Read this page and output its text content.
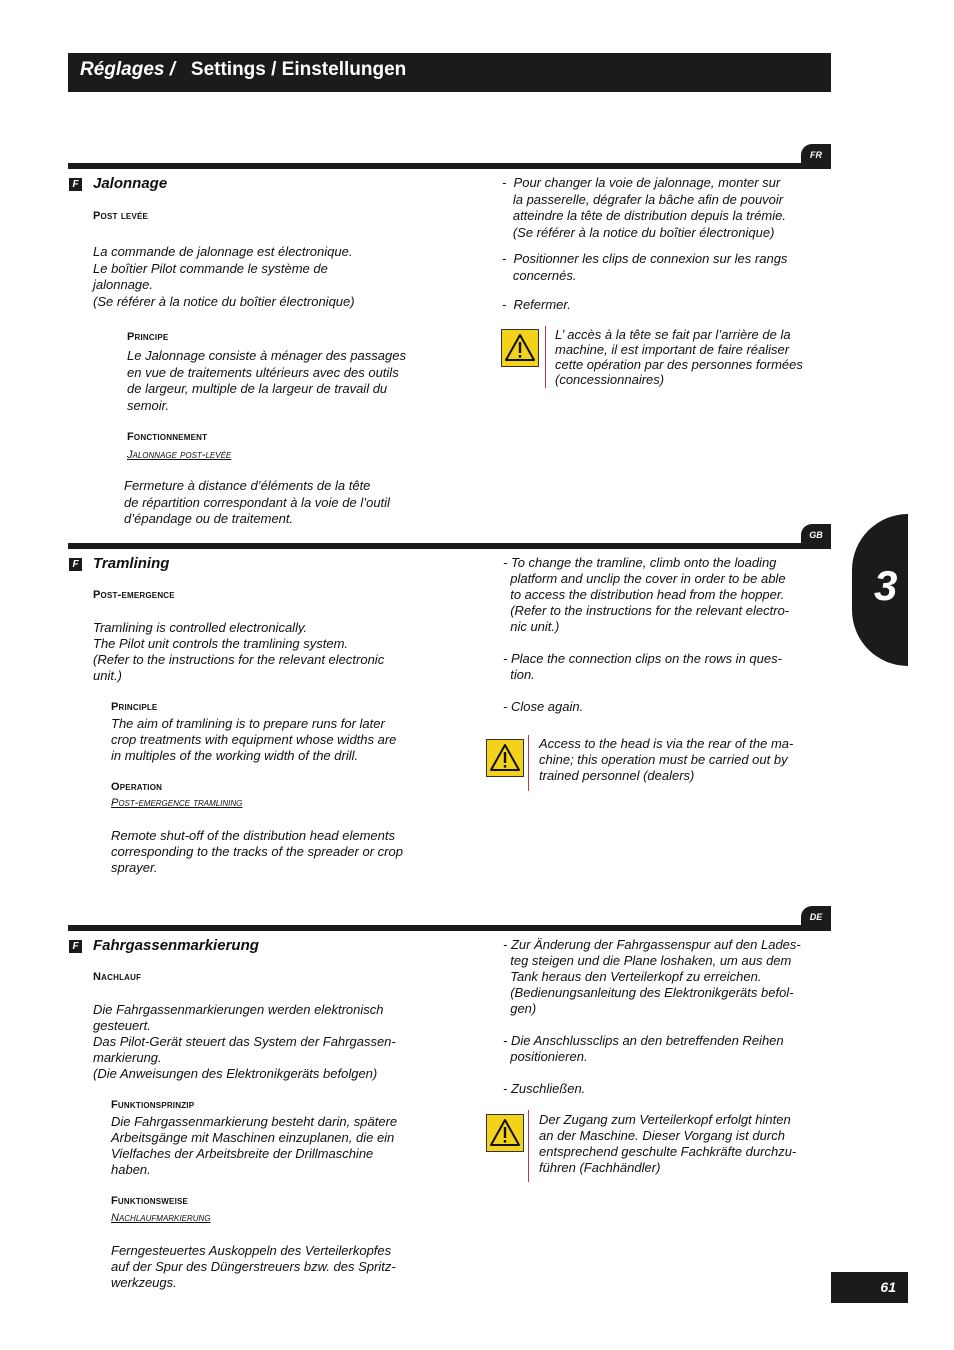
Réglages / Settings / Einstellungen
3
FR
F Jalonnage
Post levée
La commande de jalonnage est électronique.
Le boîtier Pilot commande le système de
jalonnage.
(Se référer à la notice du boîtier électronique)
Principe
Le Jalonnage consiste à ménager des passages
en vue de traitements ultérieurs avec des outils
de largeur, multiple de la largeur de travail du
semoir.
Fonctionnement
Jalonnage post-levée
Fermeture à distance d’éléments de la tête
de répartition correspondant à la voie de l’outil
d’épandage ou de traitement.
-  Pour changer la voie de jalonnage, monter sur
la passerelle, dégrafer la bâche afin de pouvoir
atteindre la tête de distribution depuis la trémie.
(Se référer à la notice du boîtier électronique)
-  Positionner les clips de connexion sur les rangs
concernés.
-  Refermer.
L’ accès à la tête se fait par l’arrière de la
machine, il est important de faire réaliser
cette opération par des personnes formées
(concessionnaires)
GB
F Tramlining
Post-emergence
Tramlining is controlled electronically.
The Pilot unit controls the tramlining system.
(Refer to the instructions for the relevant electronic
unit.)
Principle
The aim of tramlining is to prepare runs for later
crop treatments with equipment whose widths are
in multiples of the working width of the drill.
Operation
Post-emergence tramlining
Remote shut-off of the distribution head elements
corresponding to the tracks of the spreader or crop
sprayer.
- To change the tramline, climb onto the loading
platform and unclip the cover in order to be able
to access the distribution head from the hopper.
(Refer to the instructions for the relevant electro-
nic unit.)
- Place the connection clips on the rows in ques-
tion.
- Close again.
Access to the head is via the rear of the ma-
chine; this operation must be carried out by
trained personnel (dealers)
DE
F Fahrgassenmarkierung
Nachlauf
Die Fahrgassenmarkierungen werden elektronisch
gesteuert.
Das Pilot-Gerät steuert das System der Fahrgassen-
markierung.
(Die Anweisungen des Elektronikgeräts befolgen)
Funktionsprinzip
Die Fahrgassenmarkierung besteht darin, spätere
Arbeitsgänge mit Maschinen einzuplanen, die ein
Vielfaches der Arbeitsbreite der Drillmaschine
haben.
Funktionsweise
Nachlaufmarkierung
Ferngesteuertes Auskoppeln des Verteilerkopfes
auf der Spur des Düngerstreuers bzw. des Spritz-
werkzeugs.
- Zur Änderung der Fahrgassenspur auf den Lades-
teg steigen und die Plane loshaken, um aus dem
Tank heraus den Verteilerkopf zu erreichen.
(Bedienungsanleitung des Elektronikgeräts befol-
gen)
- Die Anschlussclips an den betreffenden Reihen
positionieren.
- Zuschließen.
Der Zugang zum Verteilerkopf erfolgt hinten
an der Maschine. Dieser Vorgang ist durch
entsprechend geschulte Fachkräfte durchzu-
führen (Fachhändler)
61
